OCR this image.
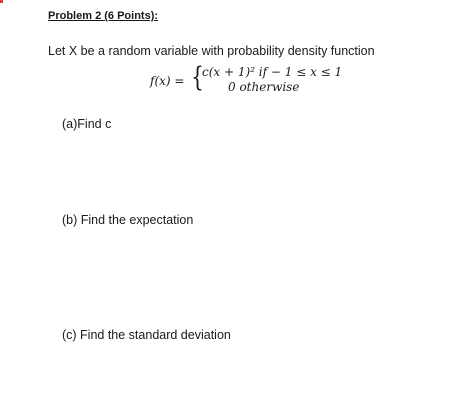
Problem 2 (6 Points):
Let X be a random variable with probability density function
f(x) = {
c(x + 1)² if − 1 ≤ x ≤ 1
0 otherwise
(a)Find c
(b) Find the expectation
(c) Find the standard deviation
